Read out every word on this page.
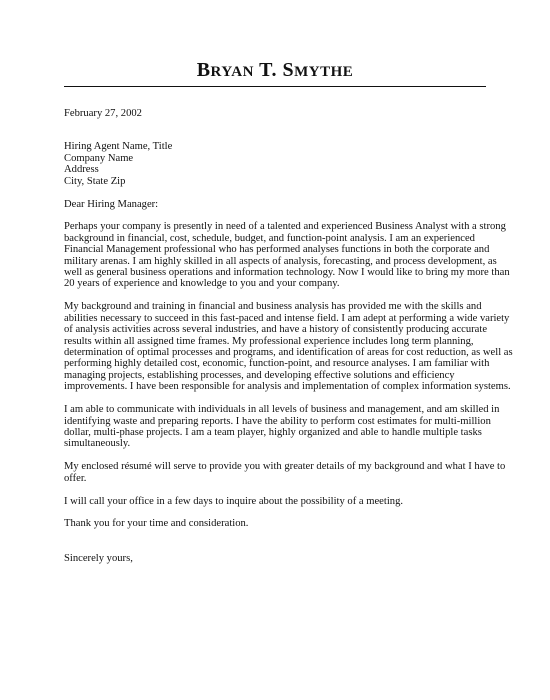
BRYAN T. SMYTHE

February 27, 2002

Hiring Agent Name, Title
Company Name
Address
City, State Zip

Dear Hiring Manager:

Perhaps your company is presently in need of a talented and experienced Business Analyst with a strong
background in financial, cost, schedule, budget, and function-point analysis. I am an experienced
Financial Management professional who has performed analyses functions in both the corporate and
military arenas. I am highly skilled in all aspects of analysis, forecasting, and process development, as
well as general business operations and information technology. Now I would like to bring my more than
20 years of experience and knowledge to you and your company.

My background and training in financial and business analysis has provided me with the skills and
abilities necessary to succeed in this fast-paced and intense field. I am adept at performing a wide variety
of analysis activities across several industries, and have a history of consistently producing accurate
results within all assigned time frames. My professional experience includes long term planning,
determination of optimal processes and programs, and identification of areas for cost reduction, as well as
performing highly detailed cost, economic, function-point, and resource analyses. I am familiar with
managing projects, establishing processes, and developing effective solutions and efficiency
improvements. I have been responsible for analysis and implementation of complex information systems.

I am able to communicate with individuals in all levels of business and management, and am skilled in
identifying waste and preparing reports. I have the ability to perform cost estimates for multi-million
dollar, multi-phase projects. I am a team player, highly organized and able to handle multiple tasks
simultaneously.

My enclosed résumé will serve to provide you with greater details of my background and what I have to
offer.

I will call your office in a few days to inquire about the possibility of a meeting.

Thank you for your time and consideration.

Sincerely yours,
